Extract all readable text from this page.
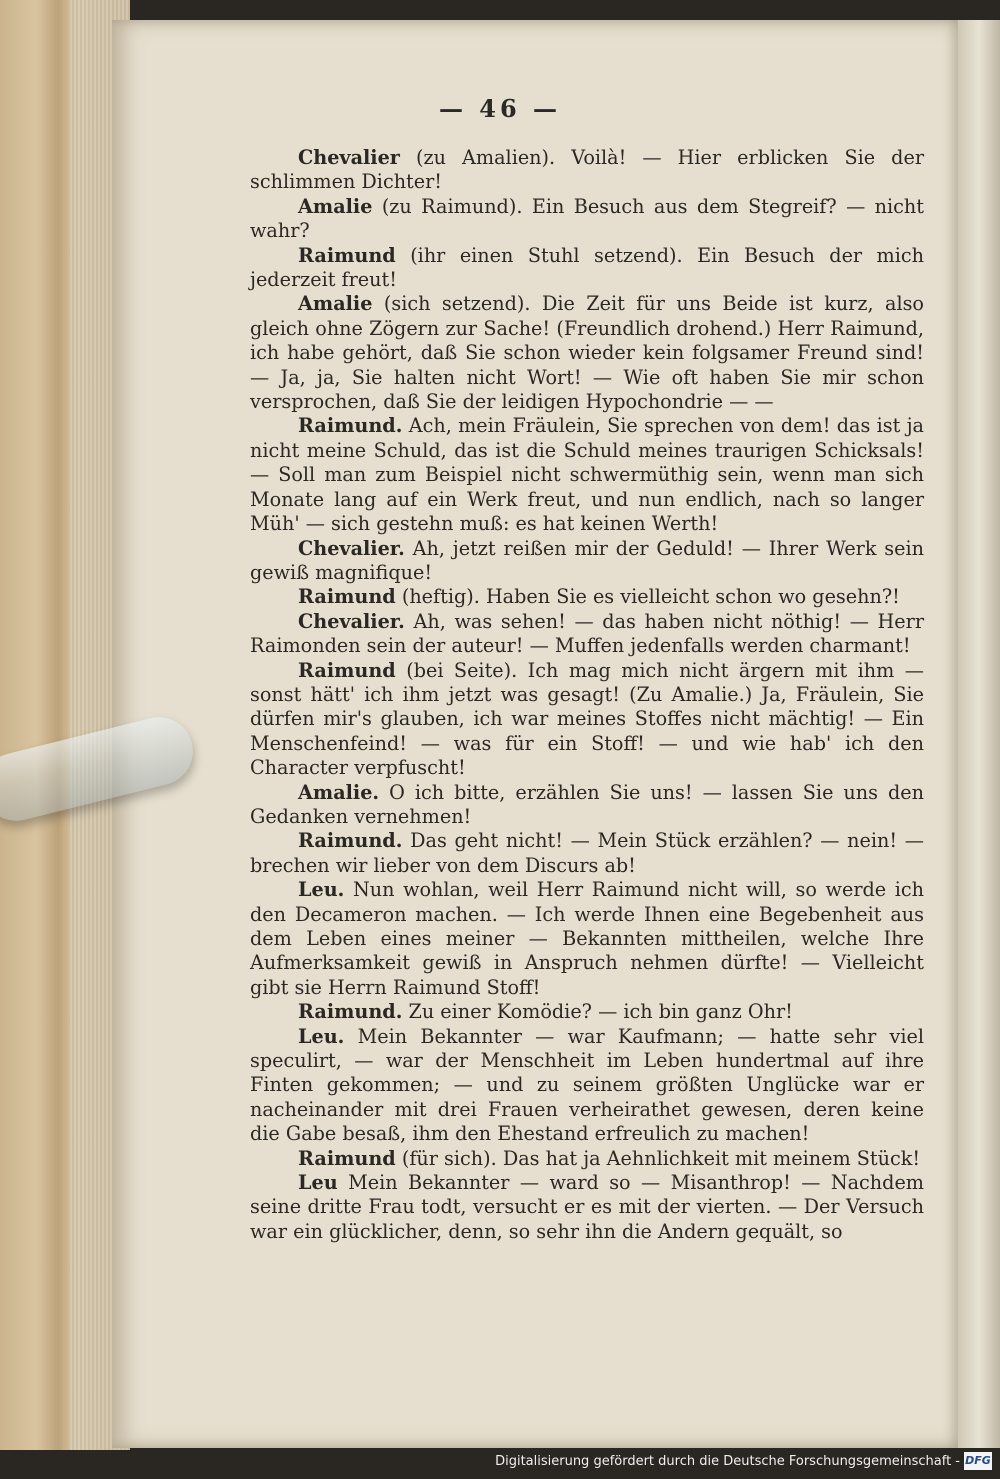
— 46 —

Chevalier (zu Amalien). Voilà! — Hier erblicken Sie der schlimmen Dichter!

Amalie (zu Raimund). Ein Besuch aus dem Stegreif? — nicht wahr?

Raimund (ihr einen Stuhl setzend). Ein Besuch der mich jederzeit freut!

Amalie (sich setzend). Die Zeit für uns Beide ist kurz, also gleich ohne Zögern zur Sache! (Freundlich drohend.) Herr Raimund, ich habe gehört, daß Sie schon wieder kein folgsamer Freund sind! — Ja, ja, Sie halten nicht Wort! — Wie oft haben Sie mir schon versprochen, daß Sie der leidigen Hypochondrie — —

Raimund. Ach, mein Fräulein, Sie sprechen von dem! das ist ja nicht meine Schuld, das ist die Schuld meines traurigen Schicksals! — Soll man zum Beispiel nicht schwermüthig sein, wenn man sich Monate lang auf ein Werk freut, und nun endlich, nach so langer Müh' — sich gestehn muß: es hat keinen Werth!

Chevalier. Ah, jetzt reißen mir der Geduld! — Ihrer Werk sein gewiß magnifique!

Raimund (heftig). Haben Sie es vielleicht schon wo gesehn?!

Chevalier. Ah, was sehen! — das haben nicht nöthig! — Herr Raimonden sein der auteur! — Muffen jedenfalls werden charmant!

Raimund (bei Seite). Ich mag mich nicht ärgern mit ihm — sonst hätt' ich ihm jetzt was gesagt! (Zu Amalie.) Ja, Fräulein, Sie dürfen mir's glauben, ich war meines Stoffes nicht mächtig! — Ein Menschenfeind! — was für ein Stoff! — und wie hab' ich den Character verpfuscht!

Amalie. O ich bitte, erzählen Sie uns! — lassen Sie uns den Gedanken vernehmen!

Raimund. Das geht nicht! — Mein Stück erzählen? — nein! — brechen wir lieber von dem Discurs ab!

Leu. Nun wohlan, weil Herr Raimund nicht will, so werde ich den Decameron machen. — Ich werde Ihnen eine Begebenheit aus dem Leben eines meiner — Bekannten mittheilen, welche Ihre Aufmerksamkeit gewiß in Anspruch nehmen dürfte! — Vielleicht gibt sie Herrn Raimund Stoff!

Raimund. Zu einer Komödie? — ich bin ganz Ohr!

Leu. Mein Bekannter — war Kaufmann; — hatte sehr viel speculirt, — war der Menschheit im Leben hundertmal auf ihre Finten gekommen; — und zu seinem größten Unglücke war er nacheinander mit drei Frauen verheirathet gewesen, deren keine die Gabe besaß, ihm den Ehestand erfreulich zu machen!

Raimund (für sich). Das hat ja Aehnlichkeit mit meinem Stück!

Leu Mein Bekannter — ward so — Misanthrop! — Nachdem seine dritte Frau todt, versucht er es mit der vierten. — Der Versuch war ein glücklicher, denn, so sehr ihn die Andern gequält, so

Digitalisierung gefördert durch die Deutsche Forschungsgemeinschaft - DFG
